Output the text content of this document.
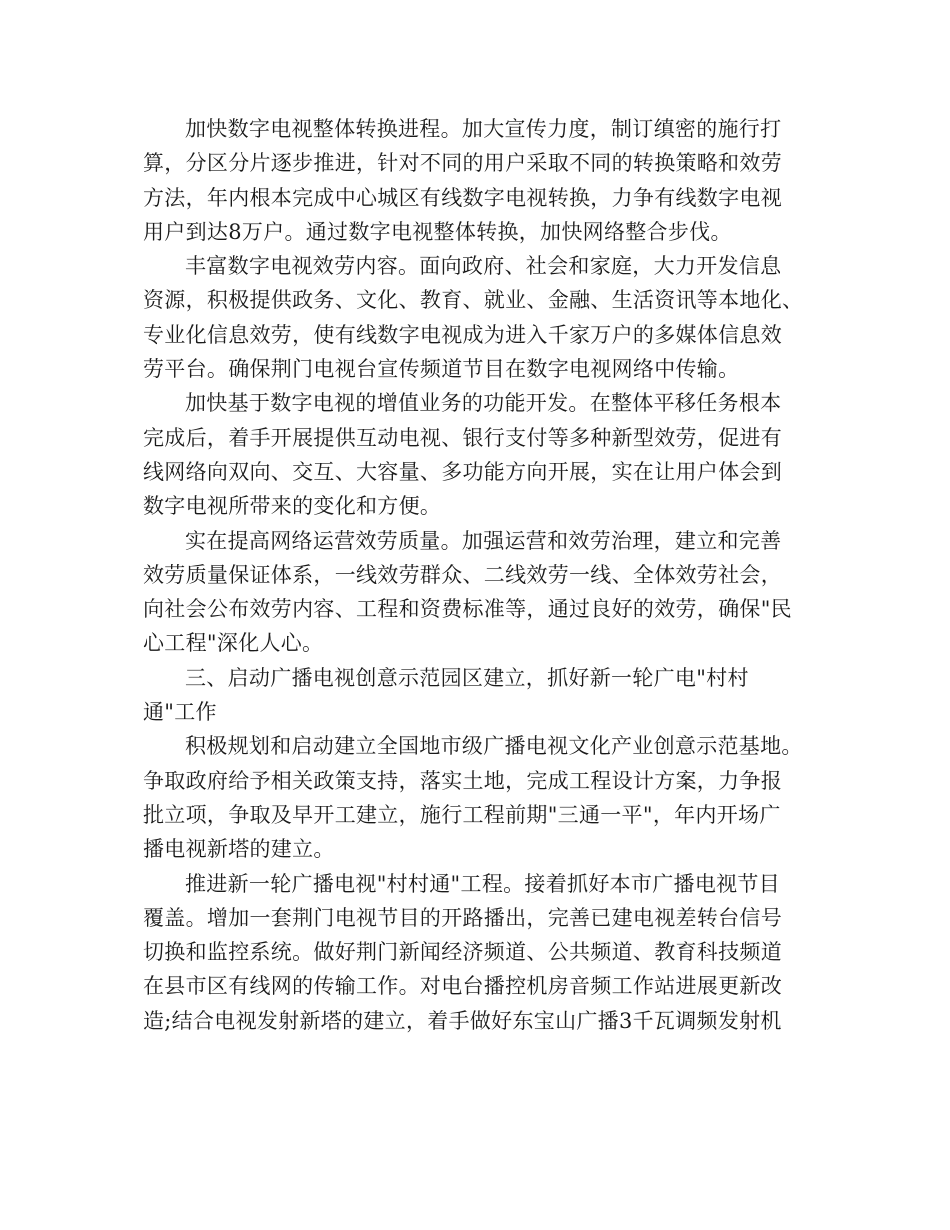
加快数字电视整体转换进程。加大宣传力度，制订缜密的施行打
算，分区分片逐步推进，针对不同的用户采取不同的转换策略和效劳
方法，年内根本完成中心城区有线数字电视转换，力争有线数字电视
用户到达8万户。通过数字电视整体转换，加快网络整合步伐。
丰富数字电视效劳内容。面向政府、社会和家庭，大力开发信息
资源，积极提供政务、文化、教育、就业、金融、生活资讯等本地化、
专业化信息效劳，使有线数字电视成为进入千家万户的多媒体信息效
劳平台。确保荆门电视台宣传频道节目在数字电视网络中传输。
加快基于数字电视的增值业务的功能开发。在整体平移任务根本
完成后，着手开展提供互动电视、银行支付等多种新型效劳，促进有
线网络向双向、交互、大容量、多功能方向开展，实在让用户体会到
数字电视所带来的变化和方便。
实在提高网络运营效劳质量。加强运营和效劳治理，建立和完善
效劳质量保证体系，一线效劳群众、二线效劳一线、全体效劳社会，
向社会公布效劳内容、工程和资费标准等，通过良好的效劳，确保"民
心工程"深化人心。
三、启动广播电视创意示范园区建立，抓好新一轮广电"村村
通"工作
积极规划和启动建立全国地市级广播电视文化产业创意示范基地。
争取政府给予相关政策支持，落实土地，完成工程设计方案，力争报
批立项，争取及早开工建立，施行工程前期"三通一平"，年内开场广
播电视新塔的建立。
推进新一轮广播电视"村村通"工程。接着抓好本市广播电视节目
覆盖。增加一套荆门电视节目的开路播出，完善已建电视差转台信号
切换和监控系统。做好荆门新闻经济频道、公共频道、教育科技频道
在县市区有线网的传输工作。对电台播控机房音频工作站进展更新改
造;结合电视发射新塔的建立，着手做好东宝山广播3千瓦调频发射机
